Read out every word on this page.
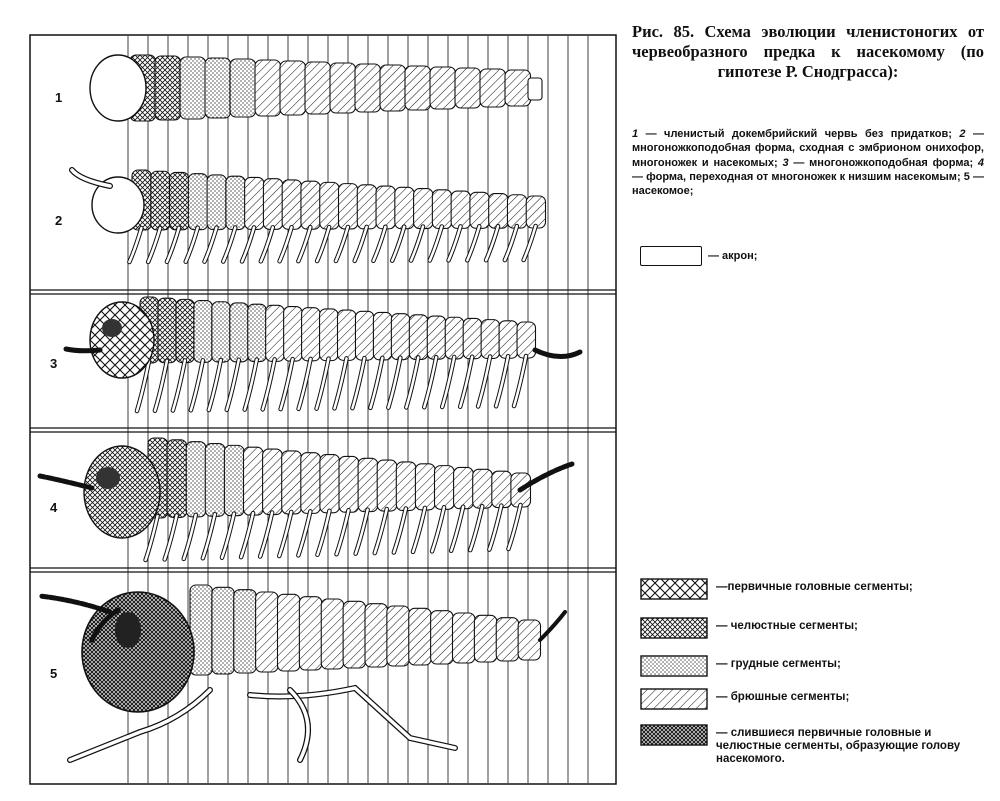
1
2
3
4
5
Рис. 85. Схема эволюции членистоногих от червеобразного предка к насекомому (по гипотезе Р. Снодграсса):
1 — членистый докембрийский червь без придатков; 2 — многоножкоподобная форма, сходная с эмбрионом онихофор, многоножек и насекомых; 3 — многоножкоподобная форма; 4 — форма, переходная от многоножек к низшим насекомым; 5 — насекомое;
— акрон;
—первичные головные сегменты;
— челюстные сегменты;
— грудные сегменты;
— брюшные сегменты;
— слившиеся первичные головные и челюстные сегменты, образующие голову насекомого.
